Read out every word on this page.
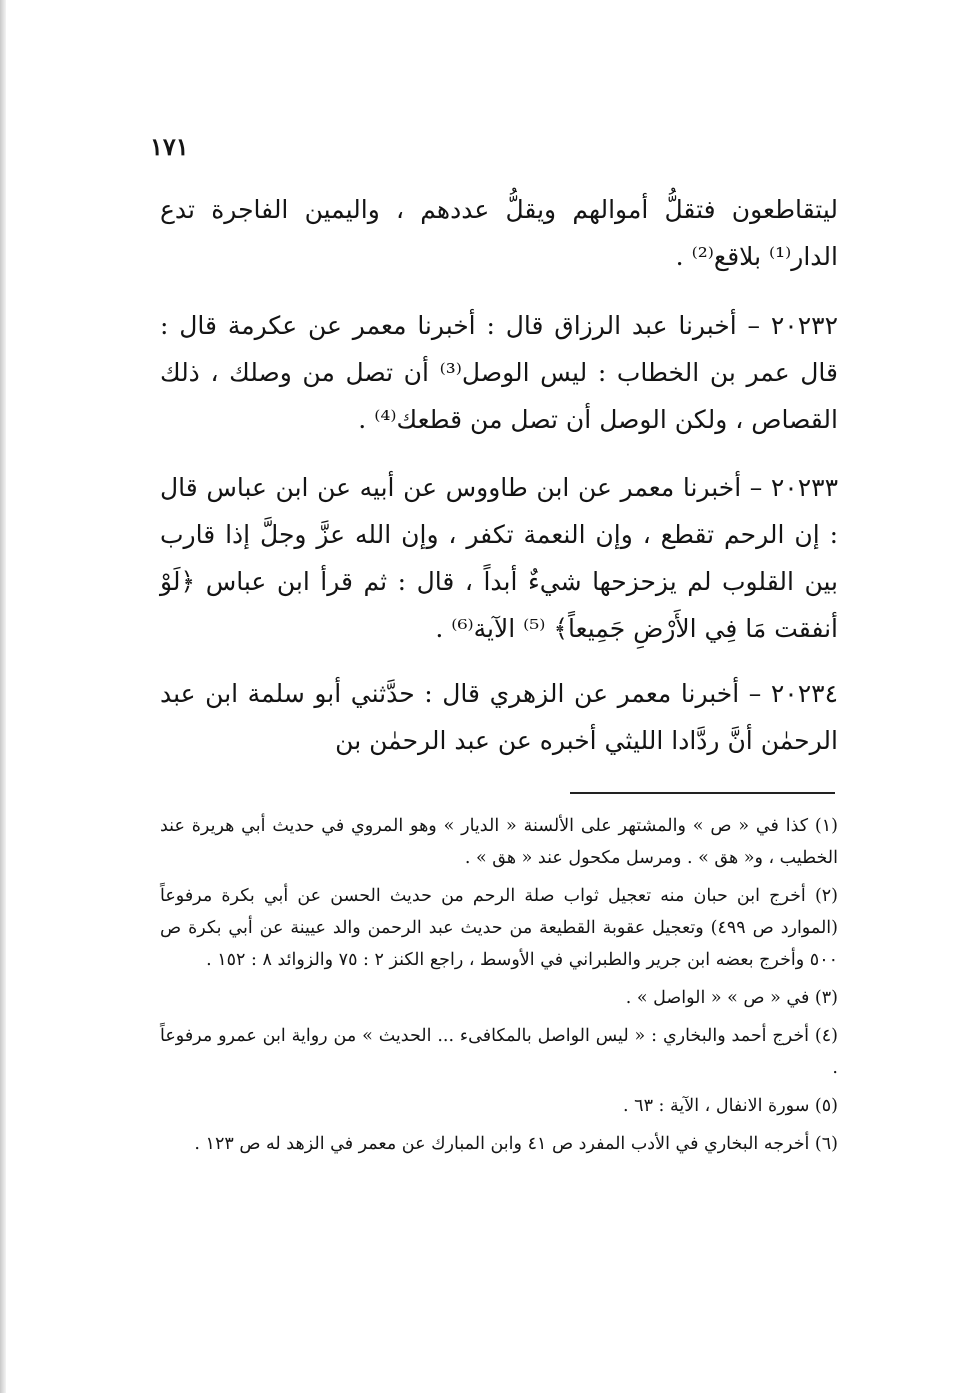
١٧١

ليتقاطعون فتقلُّ أموالهم ويقلُّ عددهم ، واليمين الفاجرة تدع الدار⁽¹⁾ بلاقع⁽²⁾ .

٢٠٢٣٢ – أخبرنا عبد الرزاق قال : أخبرنا معمر عن عكرمة قال : قال عمر بن الخطاب : ليس الوصل⁽³⁾ أن تصل من وصلك ، ذلك القصاص ، ولكن الوصل أن تصل من قطعك⁽⁴⁾ .

٢٠٢٣٣ – أخبرنا معمر عن ابن طاووس عن أبيه عن ابن عباس قال : إن الرحم تقطع ، وإن النعمة تكفر ، وإن الله عزَّ وجلَّ إذا قارب بين القلوب لم يزحزحها شيءٌ أبداً ، قال : ثم قرأ ابن عباس ﴿لَوْ أنفقت مَا فِي الأَرْضِ جَمِيعاً﴾ ⁽⁵⁾ الآية⁽⁶⁾ .

٢٠٢٣٤ – أخبرنا معمر عن الزهري قال : حدَّثني أبو سلمة ابن عبد الرحمٰن أنَّ ردَّادا الليثي أخبره عن عبد الرحمٰن بن

(١) كذا في « ص » والمشتهر على الألسنة « الديار » وهو المروي في حديث أبي هريرة عند الخطيب ، و« هق » . ومرسل مكحول عند « هق » .

(٢) أخرج ابن حبان منه تعجيل ثواب صلة الرحم من حديث الحسن عن أبي بكرة مرفوعاً (الموارد ص ٤٩٩) وتعجيل عقوبة القطيعة من حديث عبد الرحمن والد عيينة عن أبي بكرة ص ٥٠٠ وأخرج بعضه ابن جرير والطبراني في الأوسط ، راجع الكنز ٢ : ٧٥ والزوائد ٨ : ١٥٢ .

(٣) في « ص » « الواصل » .

(٤) أخرج أحمد والبخاري : « ليس الواصل بالمكافىء ... الحديث » من رواية ابن عمرو مرفوعاً .

(٥) سورة الانفال ، الآية : ٦٣ .

(٦) أخرجه البخاري في الأدب المفرد ص ٤١ وابن المبارك عن معمر في الزهد له ص ١٢٣ .
